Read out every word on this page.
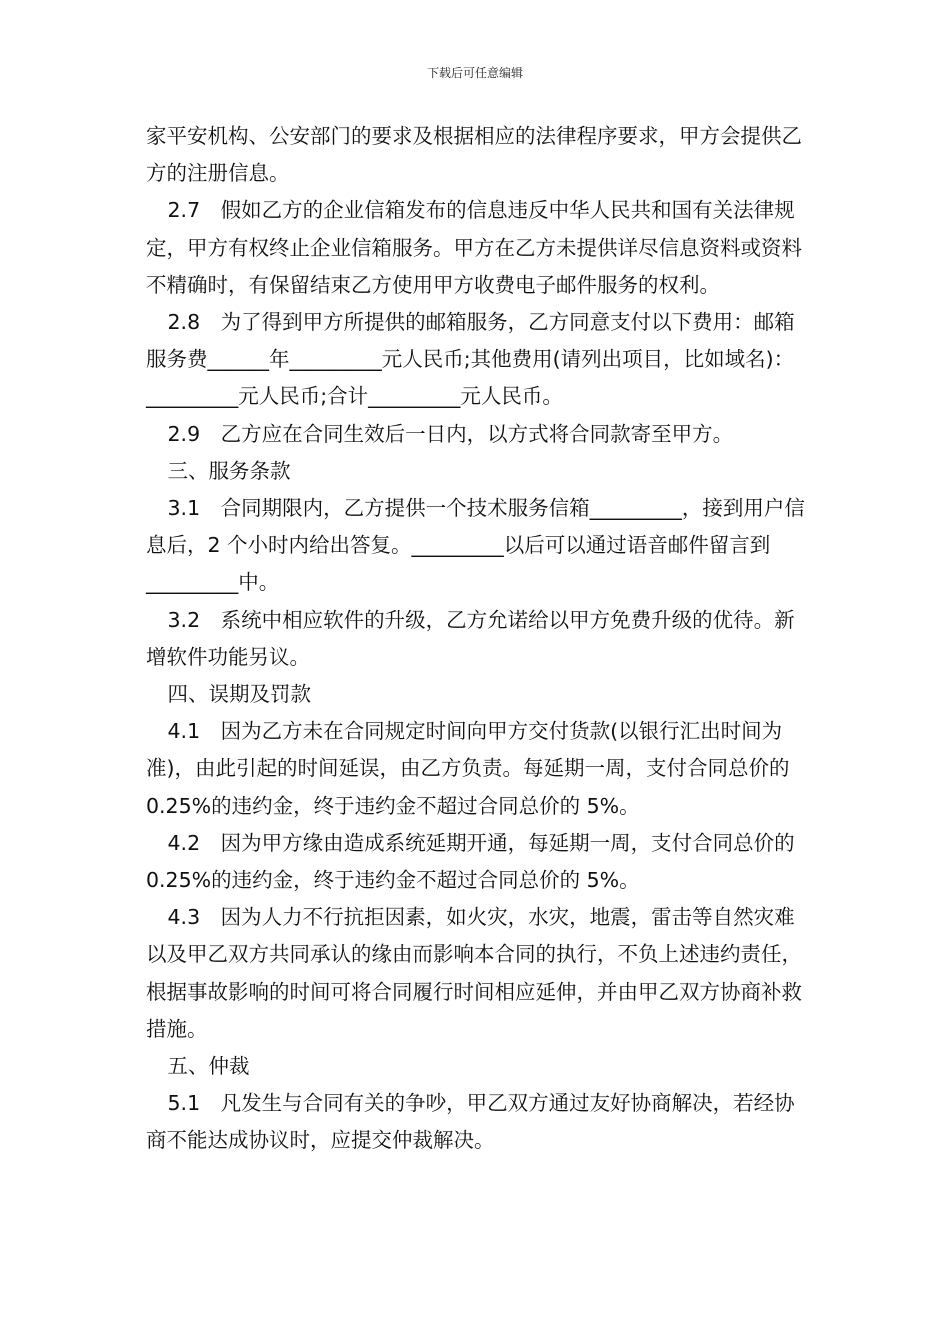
下载后可任意编辑

家平安机构、公安部门的要求及根据相应的法律程序要求，甲方会提供乙方的注册信息。

2.7　假如乙方的企业信箱发布的信息违反中华人民共和国有关法律规定，甲方有权终止企业信箱服务。甲方在乙方未提供详尽信息资料或资料不精确时，有保留结束乙方使用甲方收费电子邮件服务的权利。

2.8　为了得到甲方所提供的邮箱服务，乙方同意支付以下费用：邮箱服务费______年_________元人民币;其他费用(请列出项目，比如域名)：_________元人民币;合计_________元人民币。

2.9　乙方应在合同生效后一日内，以方式将合同款寄至甲方。

三、服务条款

3.1　合同期限内，乙方提供一个技术服务信箱_________，接到用户信息后，2 个小时内给出答复。_________以后可以通过语音邮件留言到_________中。

3.2　系统中相应软件的升级，乙方允诺给以甲方免费升级的优待。新增软件功能另议。

四、误期及罚款

4.1　因为乙方未在合同规定时间向甲方交付货款(以银行汇出时间为准)，由此引起的时间延误，由乙方负责。每延期一周，支付合同总价的 0.25%的违约金，终于违约金不超过合同总价的 5%。

4.2　因为甲方缘由造成系统延期开通，每延期一周，支付合同总价的 0.25%的违约金，终于违约金不超过合同总价的 5%。

4.3　因为人力不行抗拒因素，如火灾，水灾，地震，雷击等自然灾难以及甲乙双方共同承认的缘由而影响本合同的执行，不负上述违约责任，根据事故影响的时间可将合同履行时间相应延伸，并由甲乙双方协商补救措施。

五、仲裁

5.1　凡发生与合同有关的争吵，甲乙双方通过友好协商解决，若经协商不能达成协议时，应提交仲裁解决。
